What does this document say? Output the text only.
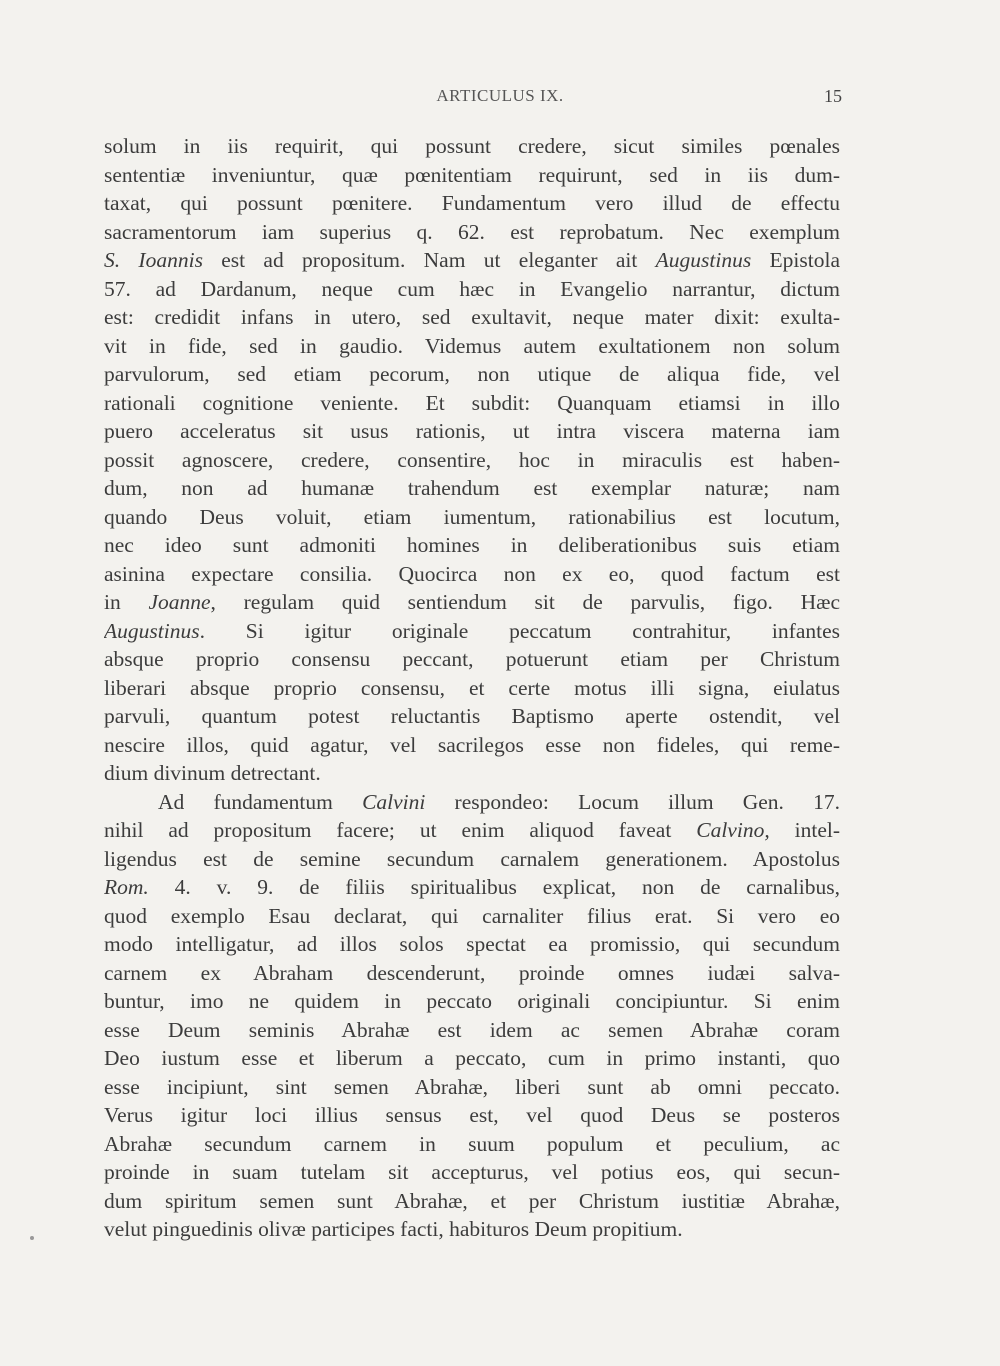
ARTICULUS IX.	15
solum in iis requirit, qui possunt credere, sicut similes pœnales
sententiæ inveniuntur, quæ pœnitentiam requirunt, sed in iis dum-
taxat, qui possunt pœnitere. Fundamentum vero illud de effectu
sacramentorum iam superius q. 62. est reprobatum. Nec exemplum
S. Ioannis est ad propositum. Nam ut eleganter ait Augustinus Epistola
57. ad Dardanum, neque cum hæc in Evangelio narrantur, dictum
est: credidit infans in utero, sed exultavit, neque mater dixit: exulta-
vit in fide, sed in gaudio. Videmus autem exultationem non solum
parvulorum, sed etiam pecorum, non utique de aliqua fide, vel
rationali cognitione veniente. Et subdit: Quanquam etiamsi in illo
puero acceleratus sit usus rationis, ut intra viscera materna iam
possit agnoscere, credere, consentire, hoc in miraculis est haben-
dum, non ad humanæ trahendum est exemplar naturæ; nam
quando Deus voluit, etiam iumentum, rationabilius est locutum,
nec ideo sunt admoniti homines in deliberationibus suis etiam
asinina expectare consilia. Quocirca non ex eo, quod factum est
in Joanne, regulam quid sentiendum sit de parvulis, figo. Hæc
Augustinus. Si igitur originale peccatum contrahitur, infantes
absque proprio consensu peccant, potuerunt etiam per Christum
liberari absque proprio consensu, et certe motus illi signa, eiulatus
parvuli, quantum potest reluctantis Baptismo aperte ostendit, vel
nescire illos, quid agatur, vel sacrilegos esse non fideles, qui reme-
dium divinum detrectant.
Ad fundamentum Calvini respondeo: Locum illum Gen. 17.
nihil ad propositum facere; ut enim aliquod faveat Calvino, intel-
ligendus est de semine secundum carnalem generationem. Apostolus
Rom. 4. v. 9. de filiis spiritualibus explicat, non de carnalibus,
quod exemplo Esau declarat, qui carnaliter filius erat. Si vero eo
modo intelligatur, ad illos solos spectat ea promissio, qui secundum
carnem ex Abraham descenderunt, proinde omnes iudæi salva-
buntur, imo ne quidem in peccato originali concipiuntur. Si enim
esse Deum seminis Abrahæ est idem ac semen Abrahæ coram
Deo iustum esse et liberum a peccato, cum in primo instanti, quo
esse incipiunt, sint semen Abrahæ, liberi sunt ab omni peccato.
Verus igitur loci illius sensus est, vel quod Deus se posteros
Abrahæ secundum carnem in suum populum et peculium, ac
proinde in suam tutelam sit accepturus, vel potius eos, qui secun-
dum spiritum semen sunt Abrahæ, et per Christum iustitiæ Abrahæ,
velut pinguedinis olivæ participes facti, habituros Deum propitium.
